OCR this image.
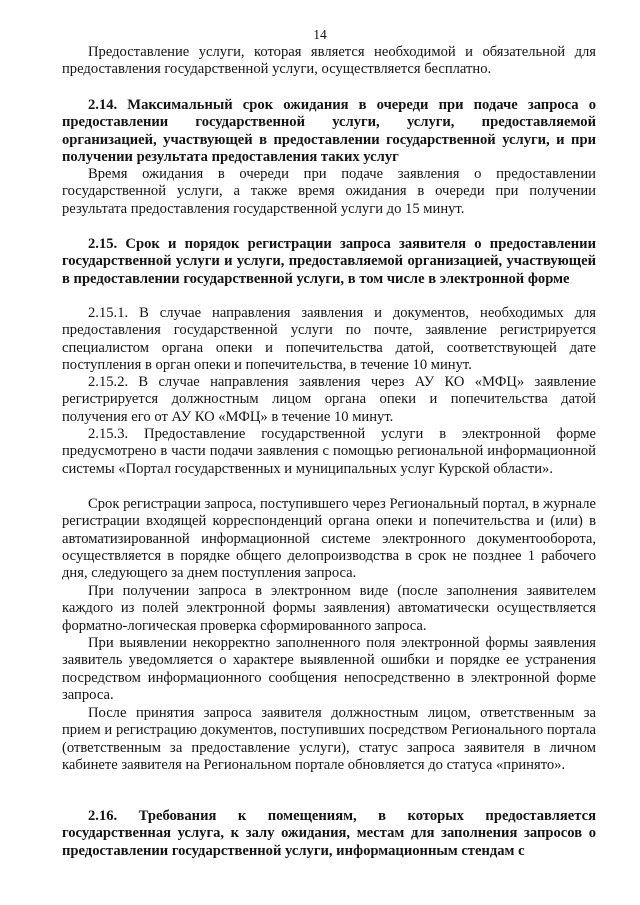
14

Предоставление услуги, которая является необходимой и обязательной для предоставления государственной услуги, осуществляется бесплатно.

2.14. Максимальный срок ожидания в очереди при подаче запроса о предоставлении государственной услуги, услуги, предоставляемой организацией, участвующей в предоставлении государственной услуги, и при получении результата предоставления таких услуг

Время ожидания в очереди при подаче заявления о предоставлении государственной услуги, а также время ожидания в очереди при получении результата предоставления государственной услуги до 15 минут.

2.15. Срок и порядок регистрации запроса заявителя о предоставлении государственной услуги и услуги, предоставляемой организацией, участвующей в предоставлении государственной услуги, в том числе в электронной форме

2.15.1. В случае направления заявления и документов, необходимых для предоставления государственной услуги по почте, заявление регистрируется специалистом органа опеки и попечительства датой, соответствующей дате поступления в орган опеки и попечительства, в течение 10 минут.

2.15.2. В случае направления заявления через АУ КО «МФЦ» заявление регистрируется должностным лицом органа опеки и попечительства датой получения его от АУ КО «МФЦ» в течение 10 минут.

2.15.3. Предоставление государственной услуги в электронной форме предусмотрено в части подачи заявления с помощью региональной информационной системы «Портал государственных и муниципальных услуг Курской области».

Срок регистрации запроса, поступившего через Региональный портал, в журнале регистрации входящей корреспонденций органа опеки и попечительства и (или) в автоматизированной информационной системе электронного документооборота, осуществляется в порядке общего делопроизводства в срок не позднее 1 рабочего дня, следующего за днем поступления запроса.

При получении запроса в электронном виде (после заполнения заявителем каждого из полей электронной формы заявления) автоматически осуществляется форматно-логическая проверка сформированного запроса.

При выявлении некорректно заполненного поля электронной формы заявления заявитель уведомляется о характере выявленной ошибки и порядке ее устранения посредством информационного сообщения непосредственно в электронной форме запроса.

После принятия запроса заявителя должностным лицом, ответственным за прием и регистрацию документов, поступивших посредством Регионального портала (ответственным за предоставление услуги), статус запроса заявителя в личном кабинете заявителя на Региональном портале обновляется до статуса «принято».

2.16. Требования к помещениям, в которых предоставляется государственная услуга, к залу ожидания, местам для заполнения запросов о предоставлении государственной услуги, информационным стендам с
